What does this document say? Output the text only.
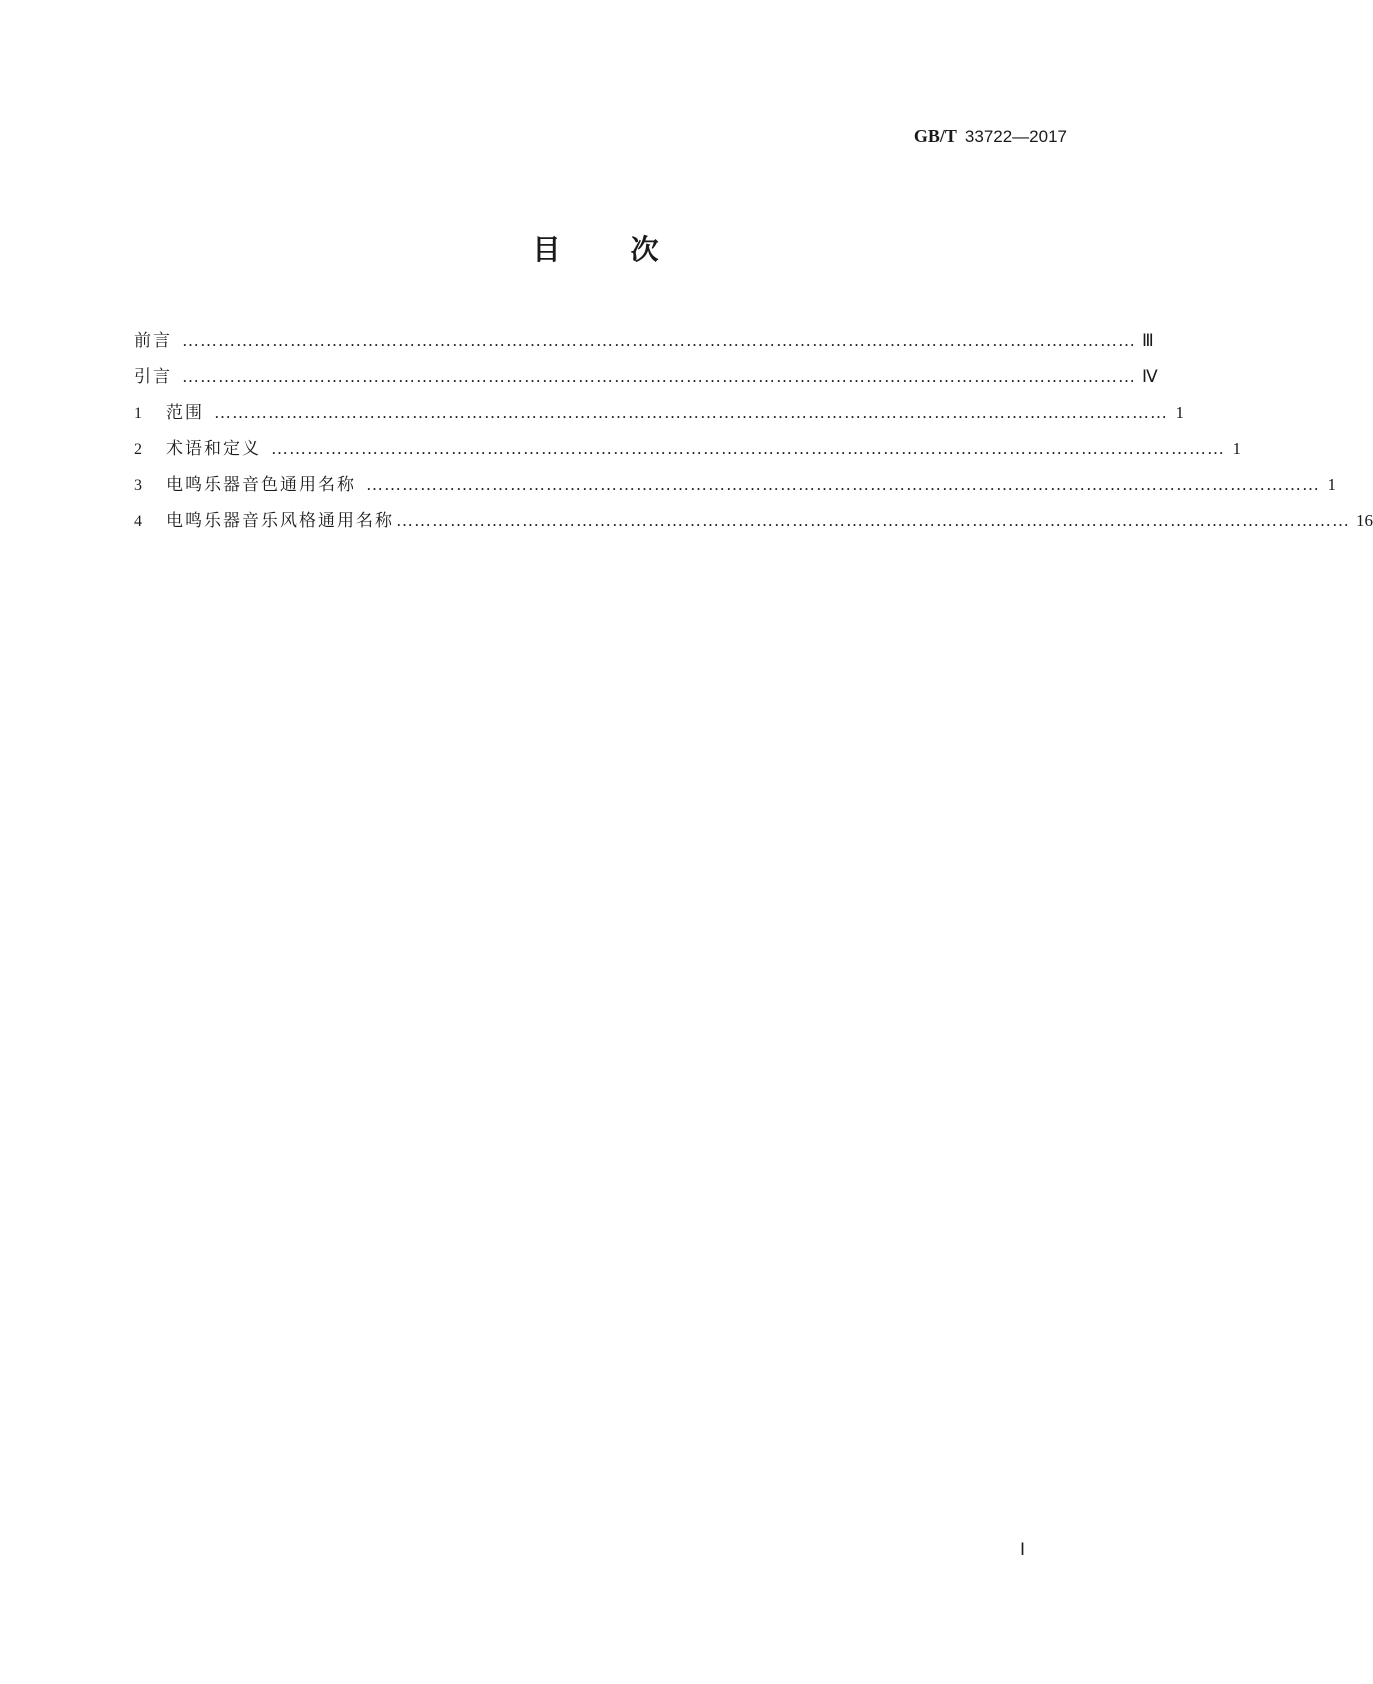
GB/T 33722—2017
目次
前言 …………………………………………………………………………………………………………………………………………… Ⅲ
引言 …………………………………………………………………………………………………………………………………………… Ⅳ
1	范围 …………………………………………………………………………………………………………………………………………… 1
2	术语和定义 …………………………………………………………………………………………………………………………………………… 1
3	电鸣乐器音色通用名称 …………………………………………………………………………………………………………………………………………… 1
4	电鸣乐器音乐风格通用名称 …………………………………………………………………………………………………………………………………………… 16
Ⅰ
